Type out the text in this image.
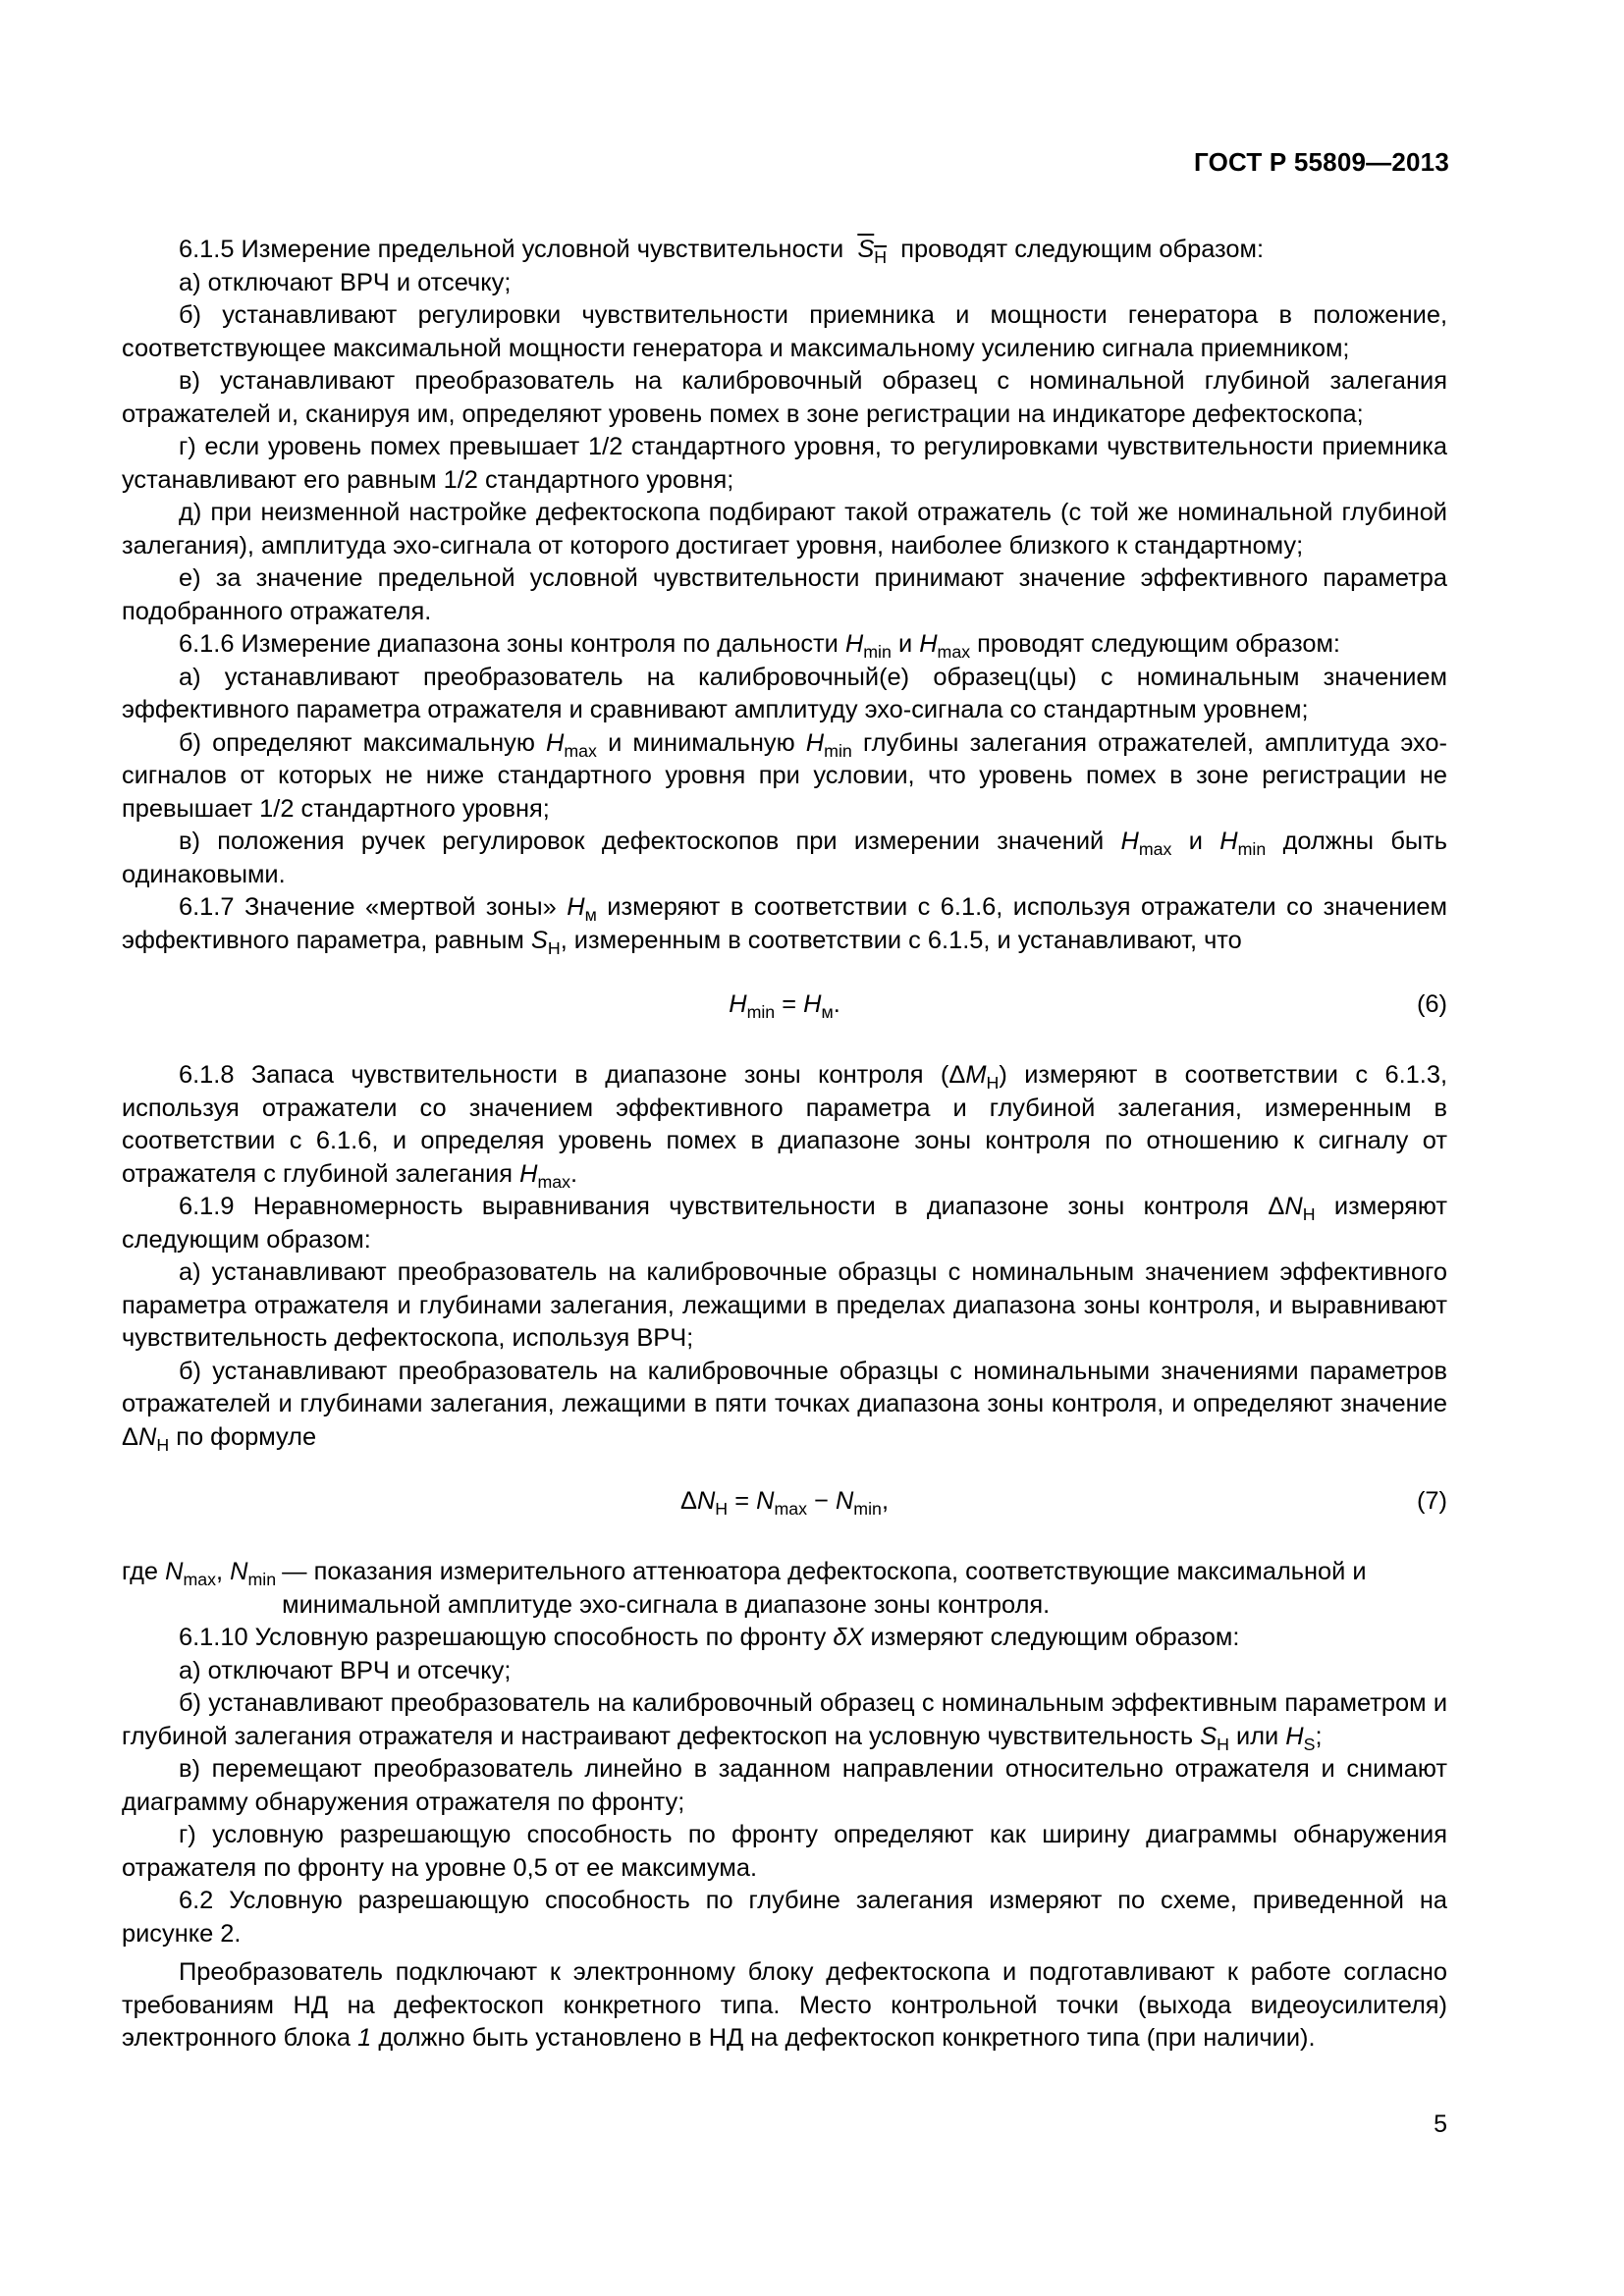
ГОСТ Р 55809—2013

6.1.5 Измерение предельной условной чувствительности $S_H$ проводят следующим образом:

а) отключают ВРЧ и отсечку;

б) устанавливают регулировки чувствительности приемника и мощности генератора в положение, соответствующее максимальной мощности генератора и максимальному усилению сигнала приемником;

в) устанавливают преобразователь на калибровочный образец с номинальной глубиной залегания отражателей и, сканируя им, определяют уровень помех в зоне регистрации на индикаторе дефектоскопа;

г) если уровень помех превышает 1/2 стандартного уровня, то регулировками чувствительности приемника устанавливают его равным 1/2 стандартного уровня;

д) при неизменной настройке дефектоскопа подбирают такой отражатель (с той же номинальной глубиной залегания), амплитуда эхо-сигнала от которого достигает уровня, наиболее близкого к стандартному;

е) за значение предельной условной чувствительности принимают значение эффективного параметра подобранного отражателя.

6.1.6 Измерение диапазона зоны контроля по дальности $H_{min}$ и $H_{max}$ проводят следующим образом:

а) устанавливают преобразователь на калибровочный(е) образец(цы) с номинальным значением эффективного параметра отражателя и сравнивают амплитуду эхо-сигнала со стандартным уровнем;

б) определяют максимальную $H_{max}$ и минимальную $H_{min}$ глубины залегания отражателей, амплитуда эхо-сигналов от которых не ниже стандартного уровня при условии, что уровень помех в зоне регистрации не превышает 1/2 стандартного уровня;

в) положения ручек регулировок дефектоскопов при измерении значений $H_{max}$ и $H_{min}$ должны быть одинаковыми.

6.1.7 Значение «мертвой зоны» $H_м$ измеряют в соответствии с 6.1.6, используя отражатели со значением эффективного параметра, равным $S_H$, измеренным в соответствии с 6.1.5, и устанавливают, что

$H_{min} = H_м$.	(6)

6.1.8 Запаса чувствительности в диапазоне зоны контроля $(\Delta M_H)$ измеряют в соответствии с 6.1.3, используя отражатели со значением эффективного параметра и глубиной залегания, измеренным в соответствии с 6.1.6, и определяя уровень помех в диапазоне зоны контроля по отношению к сигналу от отражателя с глубиной залегания $H_{max}$.

6.1.9 Неравномерность выравнивания чувствительности в диапазоне зоны контроля $\Delta N_H$ измеряют следующим образом:

а) устанавливают преобразователь на калибровочные образцы с номинальным значением эффективного параметра отражателя и глубинами залегания, лежащими в пределах диапазона зоны контроля, и выравнивают чувствительность дефектоскопа, используя ВРЧ;

б) устанавливают преобразователь на калибровочные образцы с номинальными значениями параметров отражателей и глубинами залегания, лежащими в пяти точках диапазона зоны контроля, и определяют значение $\Delta N_H$ по формуле

$\Delta N_H = N_{max} - N_{min}$,	(7)
где $N_{max}$, $N_{min}$ — показания измерительного аттенюатора дефектоскопа, соответствующие максимальной и минимальной амплитуде эхо-сигнала в диапазоне зоны контроля.

6.1.10 Условную разрешающую способность по фронту δX измеряют следующим образом:

а) отключают ВРЧ и отсечку;

б) устанавливают преобразователь на калибровочный образец с номинальным эффективным параметром и глубиной залегания отражателя и настраивают дефектоскоп на условную чувствительность $S_H$ или $H_S$;

в) перемещают преобразователь линейно в заданном направлении относительно отражателя и снимают диаграмму обнаружения отражателя по фронту;

г) условную разрешающую способность по фронту определяют как ширину диаграммы обнаружения отражателя по фронту на уровне 0,5 от ее максимума.

6.2 Условную разрешающую способность по глубине залегания измеряют по схеме, приведенной на рисунке 2.

Преобразователь подключают к электронному блоку дефектоскопа и подготавливают к работе согласно требованиям НД на дефектоскоп конкретного типа. Место контрольной точки (выхода видеоусилителя) электронного блока 1 должно быть установлено в НД на дефектоскоп конкретного типа (при наличии).

5
